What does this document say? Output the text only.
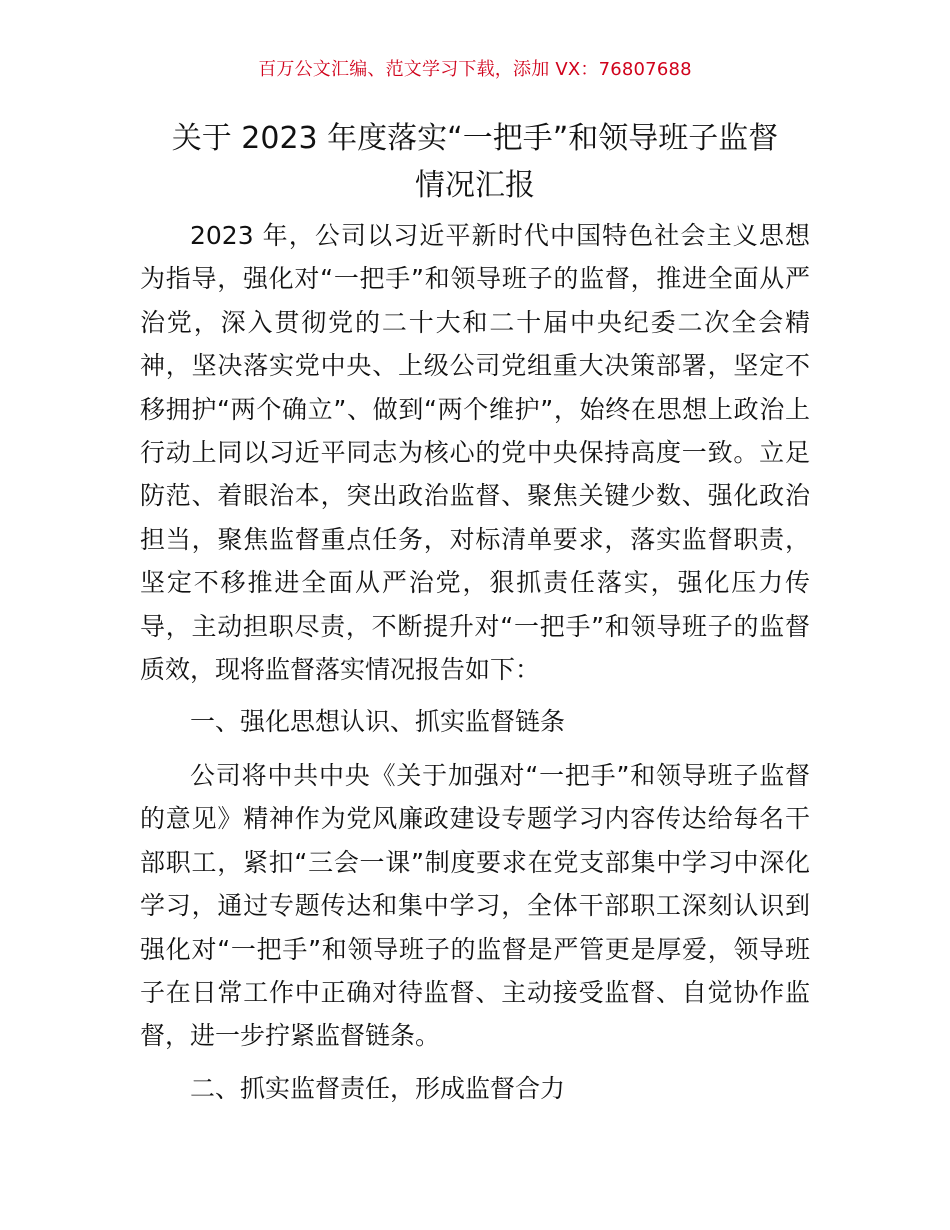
百万公文汇编、范文学习下载，添加 VX：76807688
关于 2023 年度落实“一把手”和领导班子监督
情况汇报

2023 年，公司以习近平新时代中国特色社会主义思想为指导，强化对“一把手”和领导班子的监督，推进全面从严治党，深入贯彻党的二十大和二十届中央纪委二次全会精神，坚决落实党中央、上级公司党组重大决策部署，坚定不移拥护“两个确立”、做到“两个维护”，始终在思想上政治上行动上同以习近平同志为核心的党中央保持高度一致。立足防范、着眼治本，突出政治监督、聚焦关键少数、强化政治担当，聚焦监督重点任务，对标清单要求，落实监督职责，坚定不移推进全面从严治党，狠抓责任落实，强化压力传导，主动担职尽责，不断提升对“一把手”和领导班子的监督质效，现将监督落实情况报告如下：

一、强化思想认识、抓实监督链条

公司将中共中央《关于加强对“一把手”和领导班子监督的意见》精神作为党风廉政建设专题学习内容传达给每名干部职工，紧扣“三会一课”制度要求在党支部集中学习中深化学习，通过专题传达和集中学习，全体干部职工深刻认识到强化对“一把手”和领导班子的监督是严管更是厚爱，领导班子在日常工作中正确对待监督、主动接受监督、自觉协作监督，进一步拧紧监督链条。

二、抓实监督责任，形成监督合力
